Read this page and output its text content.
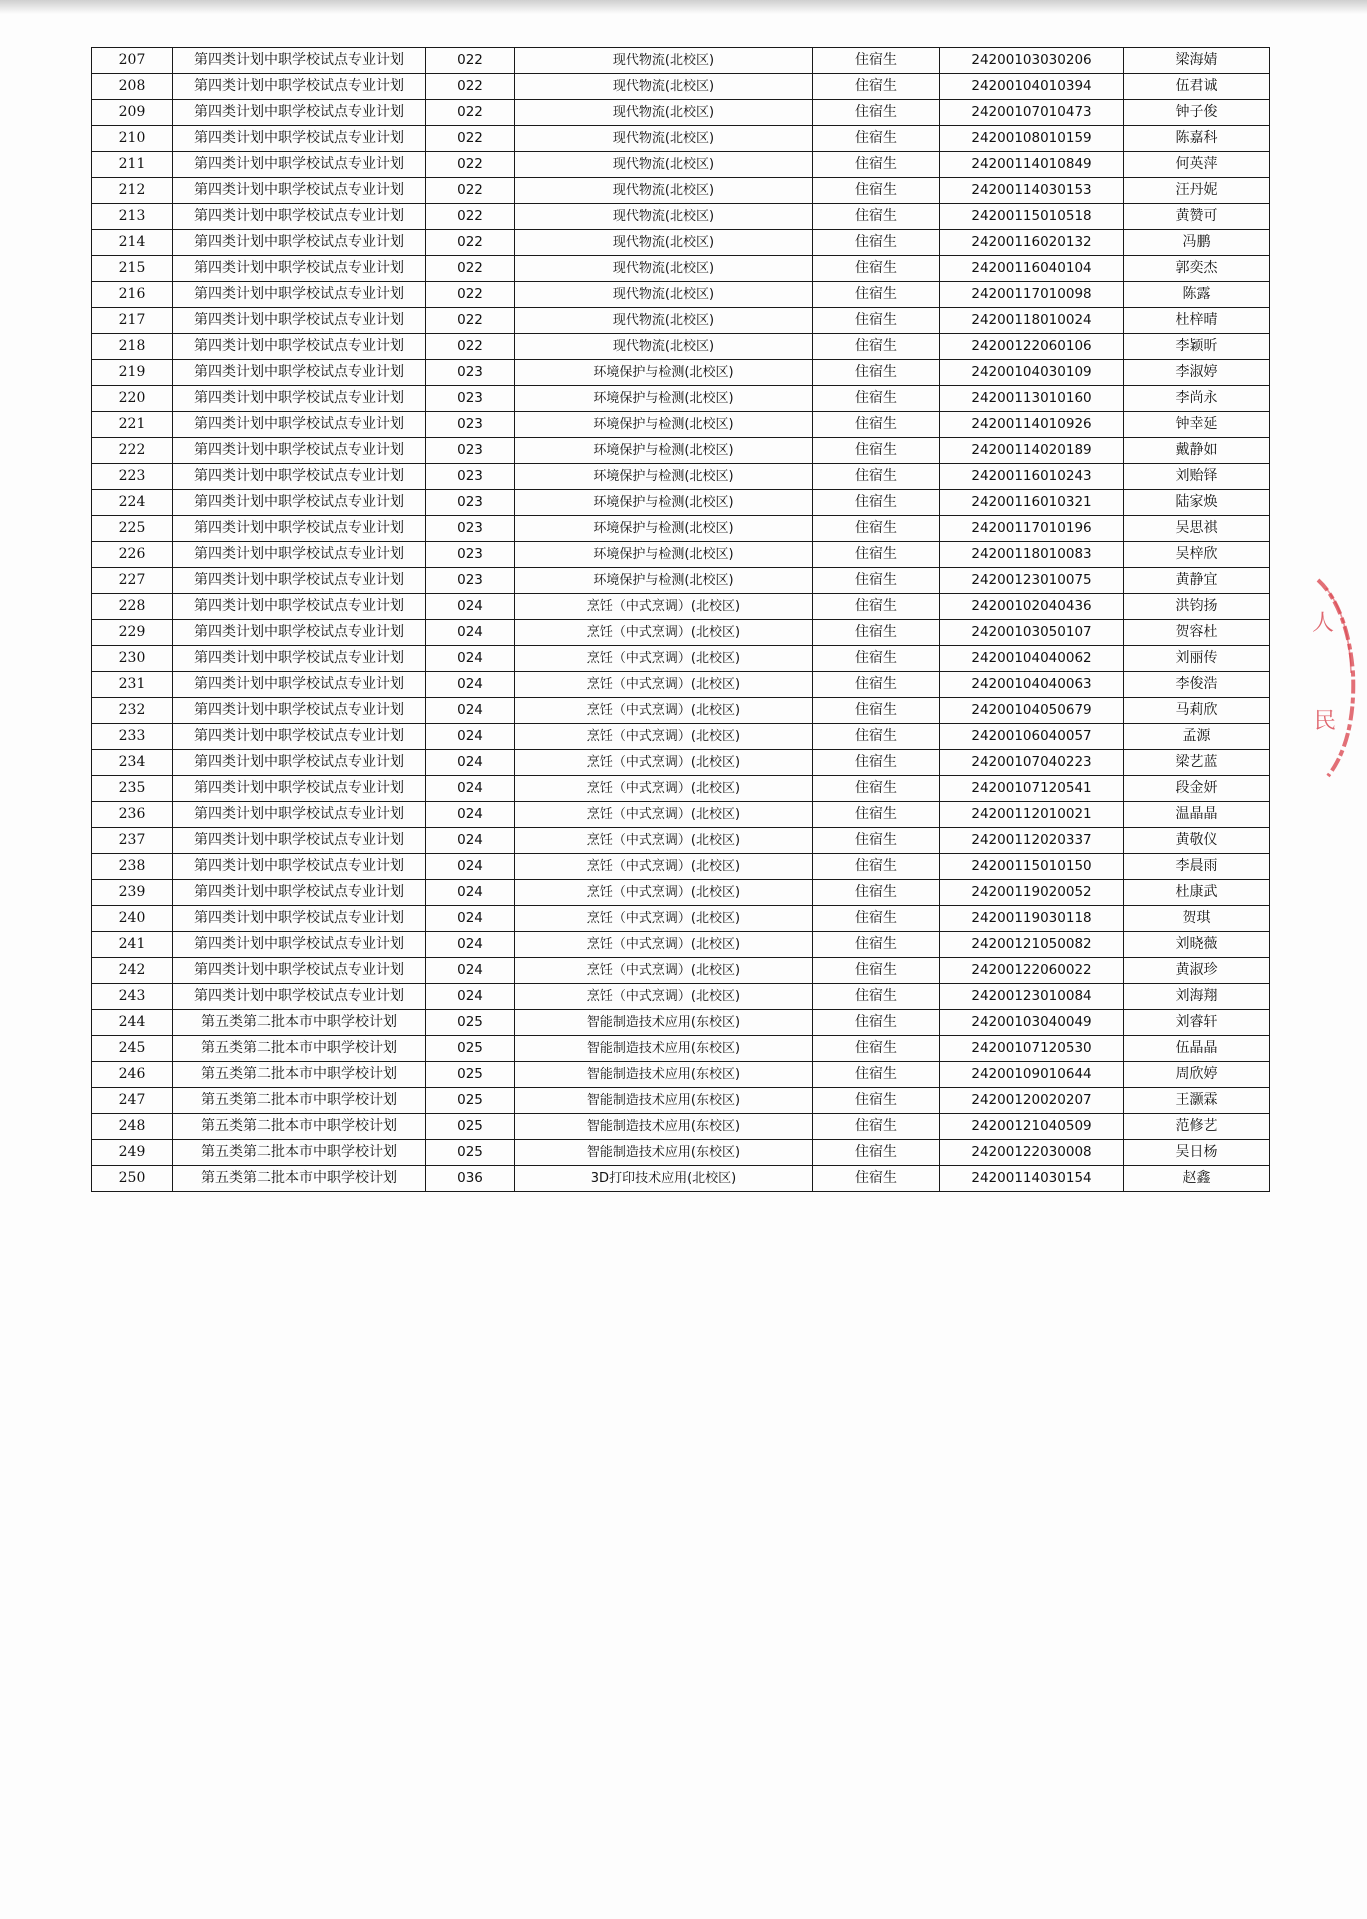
207	第四类计划中职学校试点专业计划	022	现代物流(北校区)	住宿生	24200103030206	梁海婧
208	第四类计划中职学校试点专业计划	022	现代物流(北校区)	住宿生	24200104010394	伍君诚
209	第四类计划中职学校试点专业计划	022	现代物流(北校区)	住宿生	24200107010473	钟子俊
210	第四类计划中职学校试点专业计划	022	现代物流(北校区)	住宿生	24200108010159	陈嘉科
211	第四类计划中职学校试点专业计划	022	现代物流(北校区)	住宿生	24200114010849	何英萍
212	第四类计划中职学校试点专业计划	022	现代物流(北校区)	住宿生	24200114030153	汪丹妮
213	第四类计划中职学校试点专业计划	022	现代物流(北校区)	住宿生	24200115010518	黄赞可
214	第四类计划中职学校试点专业计划	022	现代物流(北校区)	住宿生	24200116020132	冯鹏
215	第四类计划中职学校试点专业计划	022	现代物流(北校区)	住宿生	24200116040104	郭奕杰
216	第四类计划中职学校试点专业计划	022	现代物流(北校区)	住宿生	24200117010098	陈露
217	第四类计划中职学校试点专业计划	022	现代物流(北校区)	住宿生	24200118010024	杜梓晴
218	第四类计划中职学校试点专业计划	022	现代物流(北校区)	住宿生	24200122060106	李颖昕
219	第四类计划中职学校试点专业计划	023	环境保护与检测(北校区)	住宿生	24200104030109	李淑婷
220	第四类计划中职学校试点专业计划	023	环境保护与检测(北校区)	住宿生	24200113010160	李尚永
221	第四类计划中职学校试点专业计划	023	环境保护与检测(北校区)	住宿生	24200114010926	钟幸延
222	第四类计划中职学校试点专业计划	023	环境保护与检测(北校区)	住宿生	24200114020189	戴静如
223	第四类计划中职学校试点专业计划	023	环境保护与检测(北校区)	住宿生	24200116010243	刘贻铎
224	第四类计划中职学校试点专业计划	023	环境保护与检测(北校区)	住宿生	24200116010321	陆家焕
225	第四类计划中职学校试点专业计划	023	环境保护与检测(北校区)	住宿生	24200117010196	吴思祺
226	第四类计划中职学校试点专业计划	023	环境保护与检测(北校区)	住宿生	24200118010083	吴梓欣
227	第四类计划中职学校试点专业计划	023	环境保护与检测(北校区)	住宿生	24200123010075	黄静宜
228	第四类计划中职学校试点专业计划	024	烹饪（中式烹调）(北校区)	住宿生	24200102040436	洪钧扬
229	第四类计划中职学校试点专业计划	024	烹饪（中式烹调）(北校区)	住宿生	24200103050107	贺容杜
230	第四类计划中职学校试点专业计划	024	烹饪（中式烹调）(北校区)	住宿生	24200104040062	刘丽传
231	第四类计划中职学校试点专业计划	024	烹饪（中式烹调）(北校区)	住宿生	24200104040063	李俊浩
232	第四类计划中职学校试点专业计划	024	烹饪（中式烹调）(北校区)	住宿生	24200104050679	马莉欣
233	第四类计划中职学校试点专业计划	024	烹饪（中式烹调）(北校区)	住宿生	24200106040057	孟源
234	第四类计划中职学校试点专业计划	024	烹饪（中式烹调）(北校区)	住宿生	24200107040223	梁艺蓝
235	第四类计划中职学校试点专业计划	024	烹饪（中式烹调）(北校区)	住宿生	24200107120541	段金妍
236	第四类计划中职学校试点专业计划	024	烹饪（中式烹调）(北校区)	住宿生	24200112010021	温晶晶
237	第四类计划中职学校试点专业计划	024	烹饪（中式烹调）(北校区)	住宿生	24200112020337	黄敬仪
238	第四类计划中职学校试点专业计划	024	烹饪（中式烹调）(北校区)	住宿生	24200115010150	李晨雨
239	第四类计划中职学校试点专业计划	024	烹饪（中式烹调）(北校区)	住宿生	24200119020052	杜康武
240	第四类计划中职学校试点专业计划	024	烹饪（中式烹调）(北校区)	住宿生	24200119030118	贺琪
241	第四类计划中职学校试点专业计划	024	烹饪（中式烹调）(北校区)	住宿生	24200121050082	刘晓薇
242	第四类计划中职学校试点专业计划	024	烹饪（中式烹调）(北校区)	住宿生	24200122060022	黄淑珍
243	第四类计划中职学校试点专业计划	024	烹饪（中式烹调）(北校区)	住宿生	24200123010084	刘海翔
244	第五类第二批本市中职学校计划	025	智能制造技术应用(东校区)	住宿生	24200103040049	刘睿轩
245	第五类第二批本市中职学校计划	025	智能制造技术应用(东校区)	住宿生	24200107120530	伍晶晶
246	第五类第二批本市中职学校计划	025	智能制造技术应用(东校区)	住宿生	24200109010644	周欣婷
247	第五类第二批本市中职学校计划	025	智能制造技术应用(东校区)	住宿生	24200120020207	王灏霖
248	第五类第二批本市中职学校计划	025	智能制造技术应用(东校区)	住宿生	24200121040509	范修艺
249	第五类第二批本市中职学校计划	025	智能制造技术应用(东校区)	住宿生	24200122030008	吴日杨
250	第五类第二批本市中职学校计划	036	3D打印技术应用(北校区)	住宿生	24200114030154	赵鑫
人
民
